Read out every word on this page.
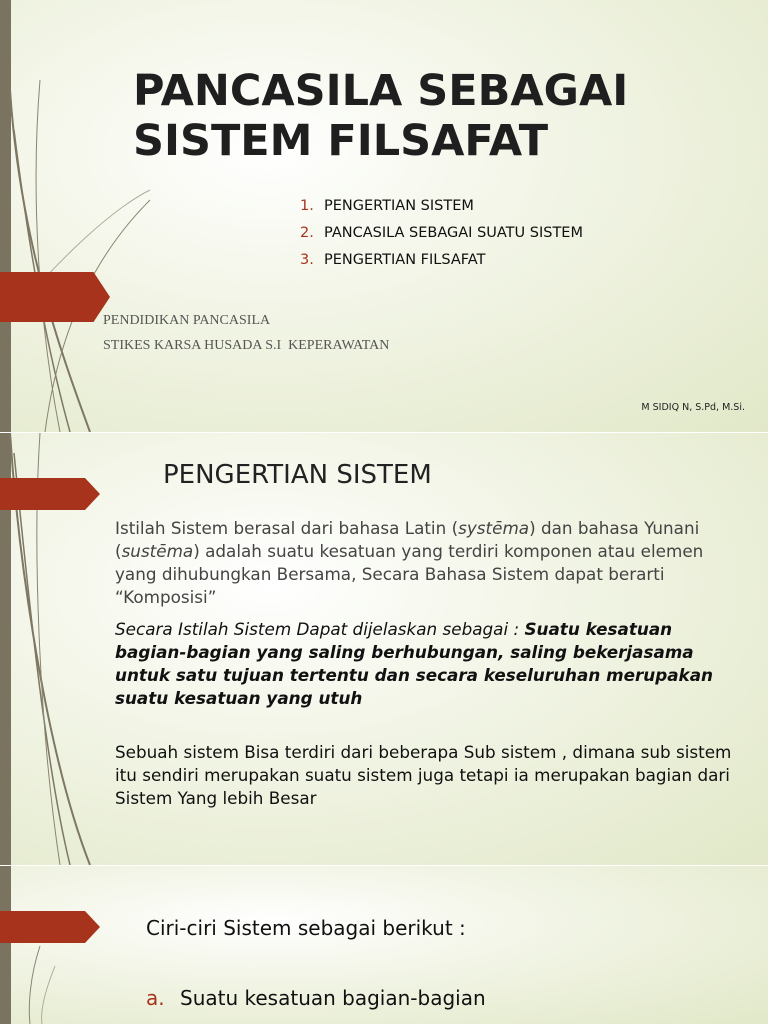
PANCASILA SEBAGAI SISTEM FILSAFAT
1. PENGERTIAN SISTEM
2. PANCASILA SEBAGAI SUATU SISTEM
3. PENGERTIAN FILSAFAT
PENDIDIKAN PANCASILA
STIKES KARSA HUSADA S.I  KEPERAWATAN
M SIDIQ N, S.Pd, M.Si.
PENGERTIAN SISTEM
Istilah Sistem berasal dari bahasa Latin (systēma) dan bahasa Yunani (sustēma) adalah suatu kesatuan yang terdiri komponen atau elemen yang dihubungkan Bersama, Secara Bahasa Sistem dapat berarti “Komposisi”
Secara Istilah Sistem Dapat dijelaskan sebagai : Suatu kesatuan bagian-bagian yang saling berhubungan, saling bekerjasama untuk satu tujuan tertentu dan secara keseluruhan merupakan suatu kesatuan yang utuh
Sebuah sistem Bisa terdiri dari beberapa Sub sistem , dimana sub sistem itu sendiri merupakan suatu sistem juga tetapi ia merupakan bagian dari Sistem Yang lebih Besar
Ciri-ciri Sistem sebagai berikut :
a. Suatu kesatuan bagian-bagian
